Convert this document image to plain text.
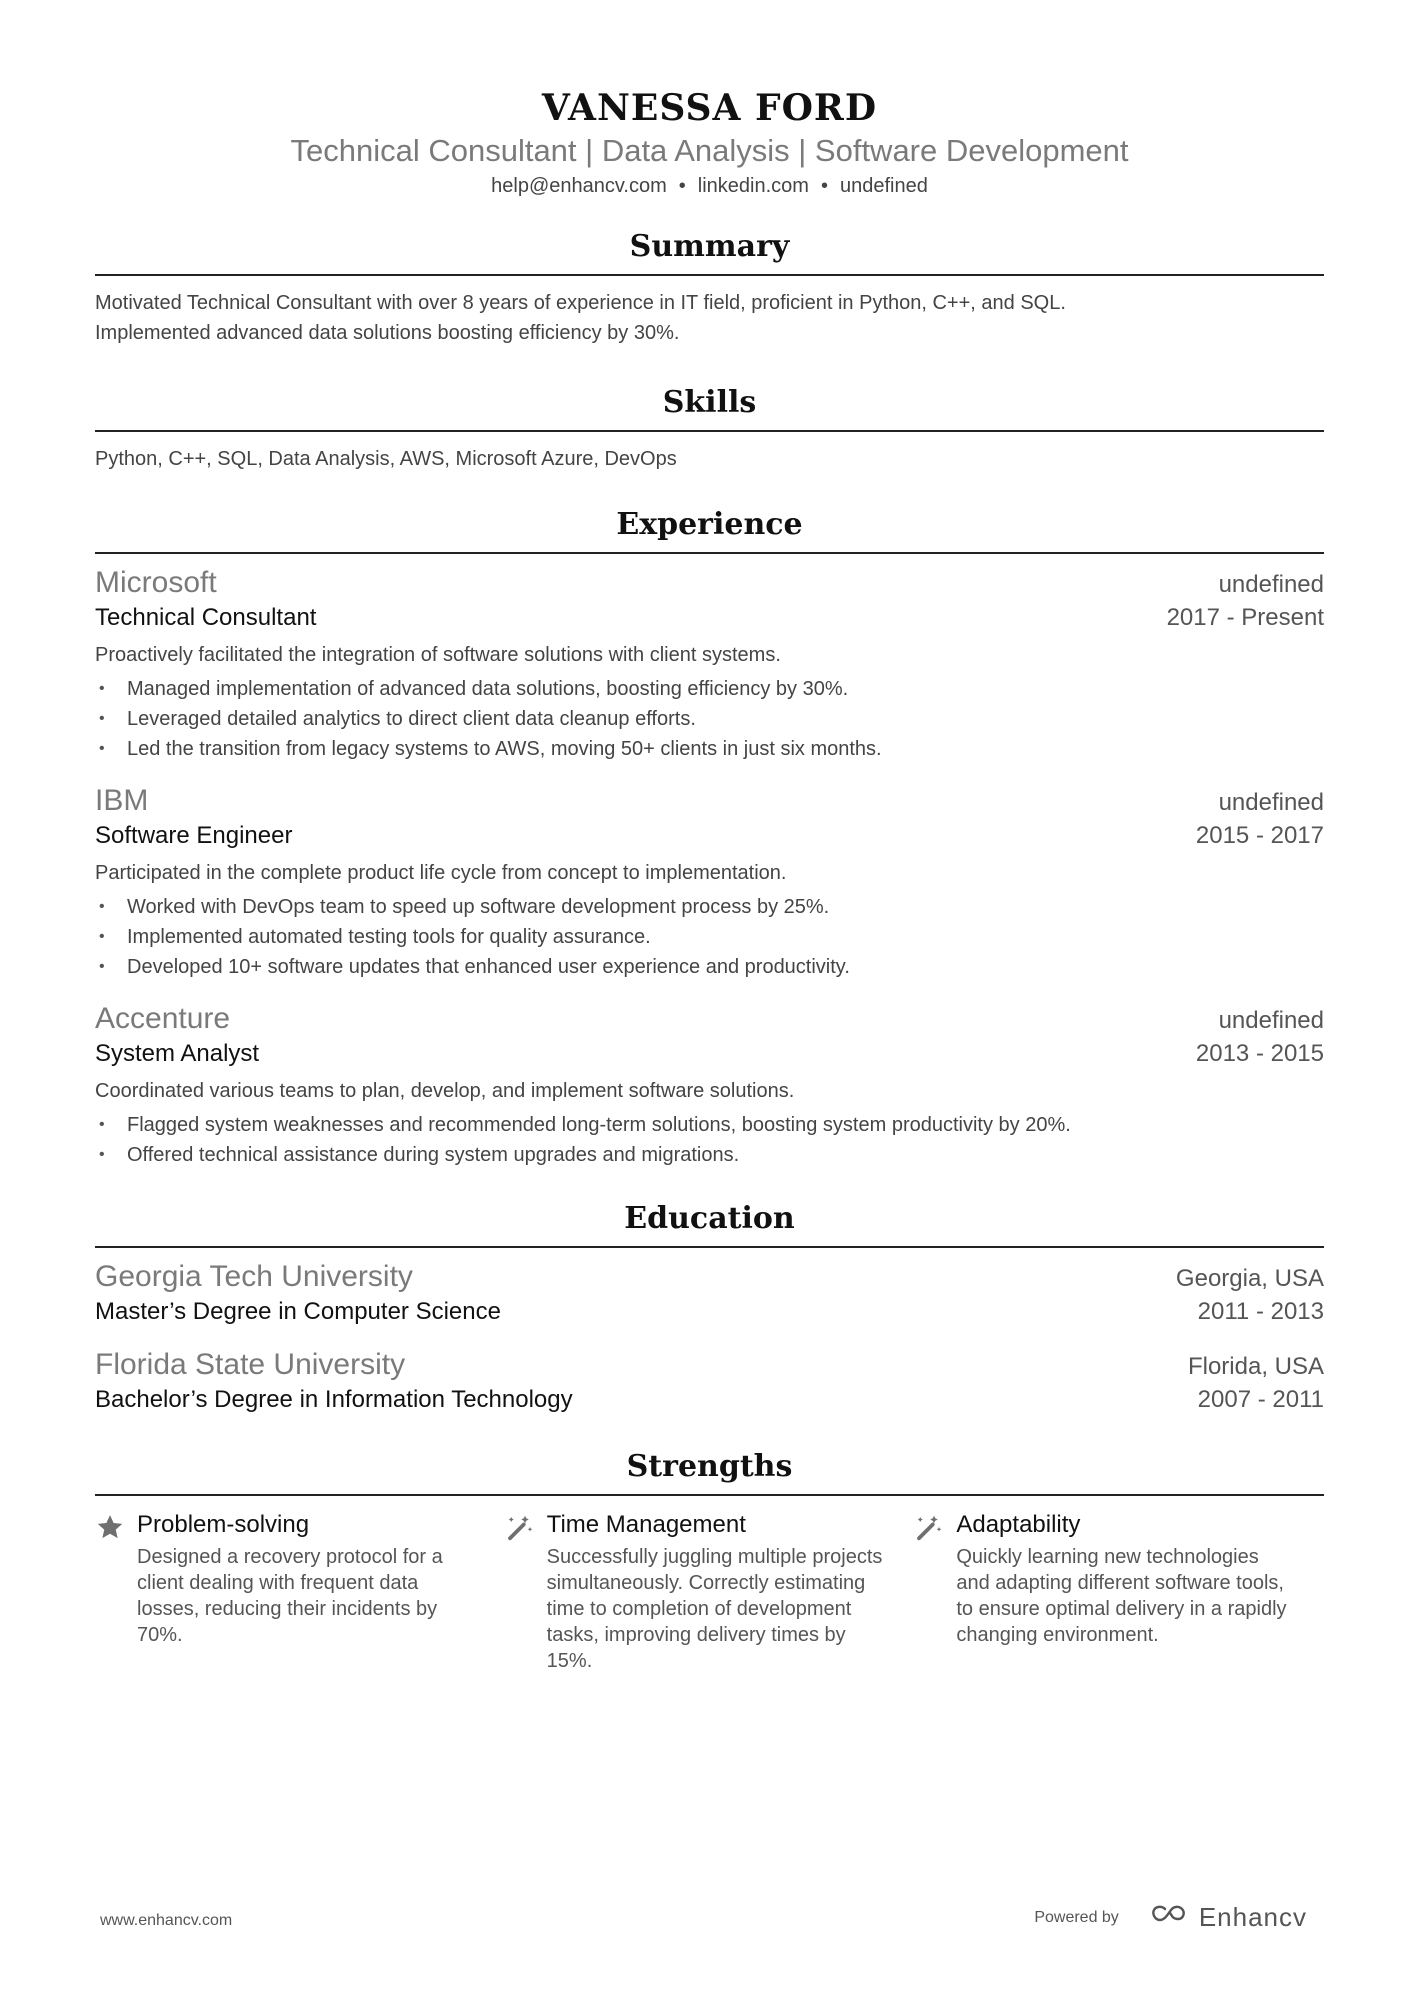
VANESSA FORD
Technical Consultant | Data Analysis | Software Development
help@enhancv.com • linkedin.com • undefined
Summary
Motivated Technical Consultant with over 8 years of experience in IT field, proficient in Python, C++, and SQL.
Implemented advanced data solutions boosting efficiency by 30%.
Skills
Python, C++, SQL, Data Analysis, AWS, Microsoft Azure, DevOps
Experience
Microsoft	undefined
Technical Consultant	2017 - Present
Proactively facilitated the integration of software solutions with client systems.
• Managed implementation of advanced data solutions, boosting efficiency by 30%.
• Leveraged detailed analytics to direct client data cleanup efforts.
• Led the transition from legacy systems to AWS, moving 50+ clients in just six months.
IBM	undefined
Software Engineer	2015 - 2017
Participated in the complete product life cycle from concept to implementation.
• Worked with DevOps team to speed up software development process by 25%.
• Implemented automated testing tools for quality assurance.
• Developed 10+ software updates that enhanced user experience and productivity.
Accenture	undefined
System Analyst	2013 - 2015
Coordinated various teams to plan, develop, and implement software solutions.
• Flagged system weaknesses and recommended long-term solutions, boosting system productivity by 20%.
• Offered technical assistance during system upgrades and migrations.
Education
Georgia Tech University	Georgia, USA
Master’s Degree in Computer Science	2011 - 2013
Florida State University	Florida, USA
Bachelor’s Degree in Information Technology	2007 - 2011
Strengths
Problem-solving
Designed a recovery protocol for a client dealing with frequent data losses, reducing their incidents by 70%.
Time Management
Successfully juggling multiple projects simultaneously. Correctly estimating time to completion of development tasks, improving delivery times by 15%.
Adaptability
Quickly learning new technologies and adapting different software tools, to ensure optimal delivery in a rapidly changing environment.
www.enhancv.com	Powered by	Enhancv
